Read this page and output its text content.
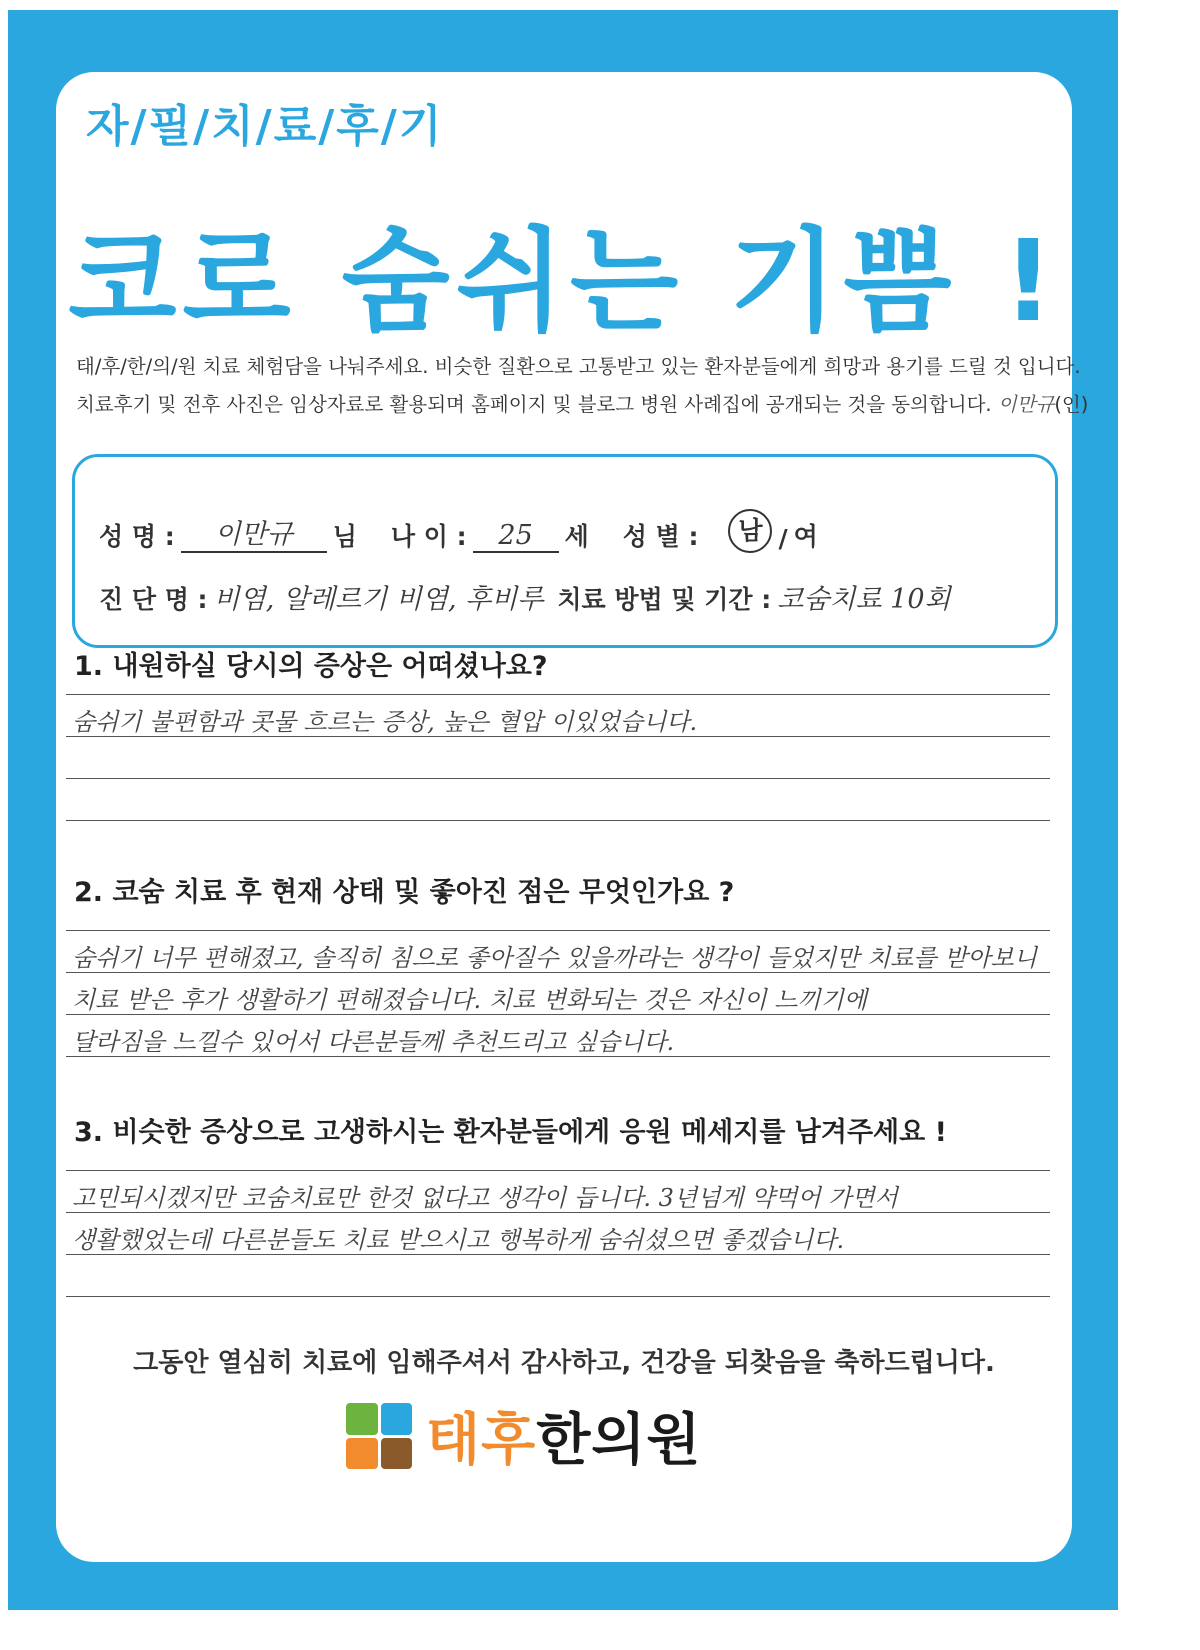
자/필/치/료/후/기
코로 숨쉬는 기쁨 !
태/후/한/의/원 치료 체험담을 나눠주세요. 비슷한 질환으로 고통받고 있는 환자분들에게 희망과 용기를 드릴 것 입니다.
치료후기 및 전후 사진은 임상자료로 활용되며 홈페이지 및 블로그 병원 사례집에 공개되는 것을 동의합니다. 이만규(인)
성 명 :	이만규	님 나 이 :	25	세 성 별 :	남 / 여
진 단 명 : 비염, 알레르기 비염, 후비루 치료 방법 및 기간 : 코숨치료 10회
1. 내원하실 당시의 증상은 어떠셨나요?
숨쉬기 불편함과 콧물 흐르는 증상, 높은 혈압 이있었습니다.
2. 코숨 치료 후 현재 상태 및 좋아진 점은 무엇인가요 ?
숨쉬기 너무 편해졌고, 솔직히 침으로 좋아질수 있을까라는 생각이 들었지만 치료를 받아보니
치료 받은 후가 생활하기 편해졌습니다. 치료 변화되는 것은 자신이 느끼기에
달라짐을 느낄수 있어서 다른분들께 추천드리고 싶습니다.
3. 비슷한 증상으로 고생하시는 환자분들에게 응원 메세지를 남겨주세요 !
고민되시겠지만 코숨치료만 한것 없다고 생각이 듭니다. 3년넘게 약먹어 가면서
생활했었는데 다른분들도 치료 받으시고 행복하게 숨쉬셨으면 좋겠습니다.
그동안 열심히 치료에 임해주셔서 감사하고, 건강을 되찾음을 축하드립니다.
태후한의원
